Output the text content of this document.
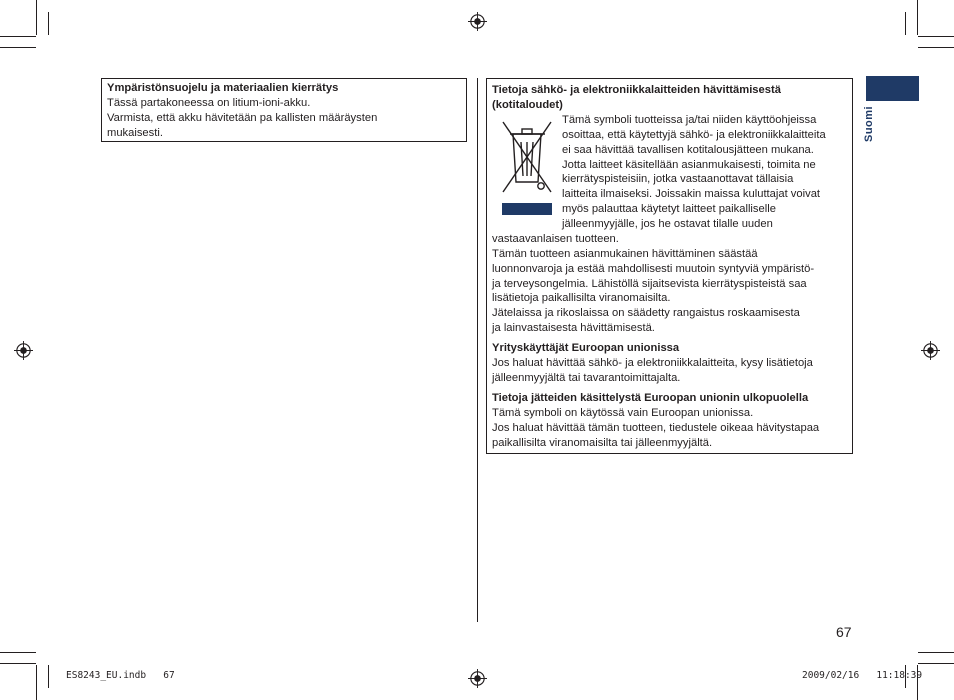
Ympäristönsuojelu ja materiaalien kierrätys
Tässä partakoneessa on litium-ioni-akku.
Varmista, että akku hävitetään pa kallisten määräysten
mukaisesti.
Tietoja sähkö- ja elektroniikkalaitteiden hävittämisestä
(kotitaloudet)
Tämä symboli tuotteissa ja/tai niiden käyttöohjeissa
osoittaa, että käytettyjä sähkö- ja elektroniikkalaitteita
ei saa hävittää tavallisen kotitalousjätteen mukana.
Jotta laitteet käsitellään asianmukaisesti, toimita ne
kierrätyspisteisiin, jotka vastaanottavat tällaisia
laitteita ilmaiseksi. Joissakin maissa kuluttajat voivat
myös palauttaa käytetyt laitteet paikalliselle
jälleenmyyjälle, jos he ostavat tilalle uuden
vastaavanlaisen tuotteen.
Tämän tuotteen asianmukainen hävittäminen säästää
luonnonvaroja ja estää mahdollisesti muutoin syntyviä ympäristö-
ja terveysongelmia. Lähistöllä sijaitsevista kierrätyspisteistä saa
lisätietoja paikallisilta viranomaisilta.
Jätelaissa ja rikoslaissa on säädetty rangaistus roskaamisesta
ja lainvastaisesta hävittämisestä.
Yrityskäyttäjät Euroopan unionissa
Jos haluat hävittää sähkö- ja elektroniikkalaitteita, kysy lisätietoja
jälleenmyyjältä tai tavarantoimittajalta.
Tietoja jätteiden käsittelystä Euroopan unionin ulkopuolella
Tämä symboli on käytössä vain Euroopan unionissa.
Jos haluat hävittää tämän tuotteen, tiedustele oikeaa hävitystapaa
paikallisilta viranomaisilta tai jälleenmyyjältä.
Suomi
67
ES8243_EU.indb   67	2009/02/16   11:18:39
